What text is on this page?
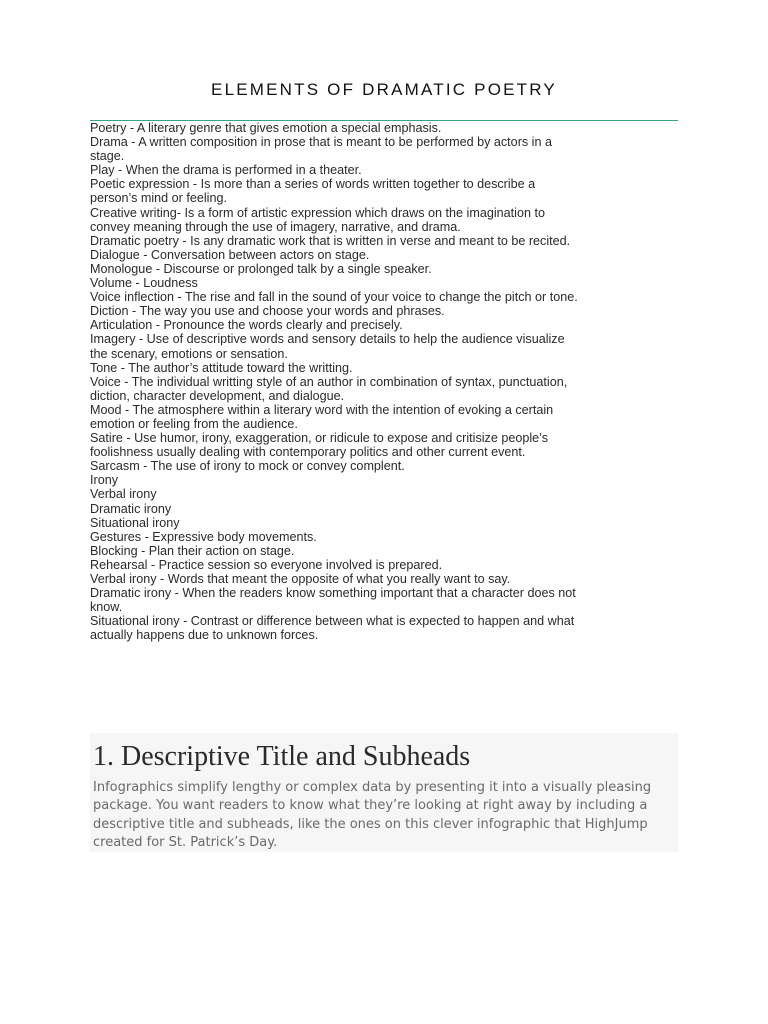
ELEMENTS OF DRAMATIC POETRY
Poetry - A literary genre that gives emotion a special emphasis.
Drama - A written composition in prose that is meant to be performed by actors in a
stage.
Play - When the drama is performed in a theater.
Poetic expression - Is more than a series of words written together to describe a
person’s mind or feeling.
Creative writing- Is a form of artistic expression which draws on the imagination to
convey meaning through the use of imagery, narrative, and drama.
Dramatic poetry - Is any dramatic work that is written in verse and meant to be recited.
Dialogue - Conversation between actors on stage.
Monologue - Discourse or prolonged talk by a single speaker.
Volume - Loudness
Voice inflection - The rise and fall in the sound of your voice to change the pitch or tone.
Diction - The way you use and choose your words and phrases.
Articulation - Pronounce the words clearly and precisely.
Imagery - Use of descriptive words and sensory details to help the audience visualize
the scenary, emotions or sensation.
Tone - The author’s attitude toward the writting.
Voice - The individual writting style of an author in combination of syntax, punctuation,
diction, character development, and dialogue.
Mood - The atmosphere within a literary word with the intention of evoking a certain
emotion or feeling from the audience.
Satire - Use humor, irony, exaggeration, or ridicule to expose and critisize people’s
foolishness usually dealing with contemporary politics and other current event.
Sarcasm - The use of irony to mock or convey complent.
Irony
Verbal irony
Dramatic irony
Situational irony
Gestures - Expressive body movements.
Blocking - Plan their action on stage.
Rehearsal - Practice session so everyone involved is prepared.
Verbal irony - Words that meant the opposite of what you really want to say.
Dramatic irony - When the readers know something important that a character does not
know.
Situational irony - Contrast or difference between what is expected to happen and what
actually happens due to unknown forces.
1. Descriptive Title and Subheads

Infographics simplify lengthy or complex data by presenting it into a visually pleasing package. You want readers to know what they’re looking at right away by including a descriptive title and subheads, like the ones on this clever infographic that HighJump created for St. Patrick’s Day.
